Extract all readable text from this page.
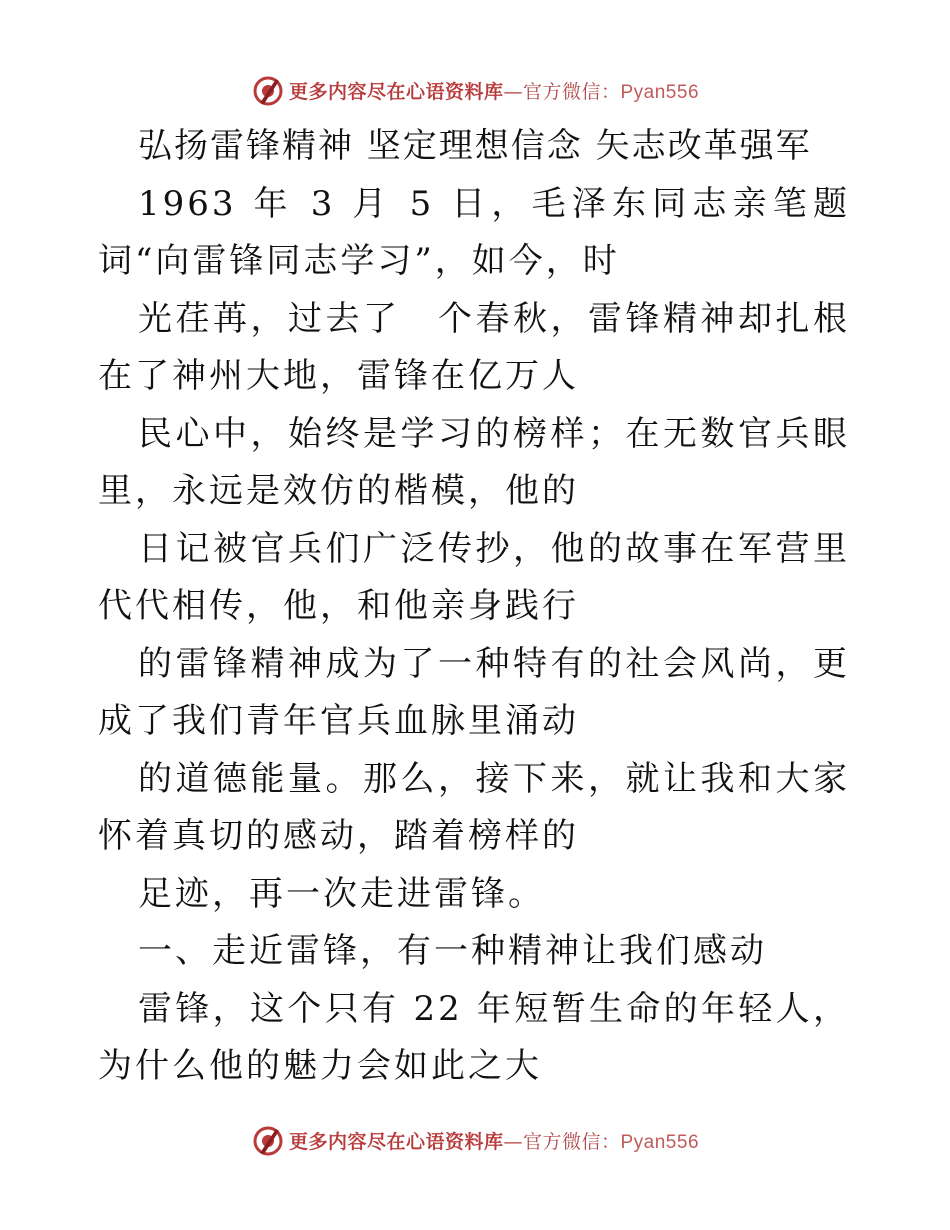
更多内容尽在心语资料库—官方微信：Pyan556

弘扬雷锋精神 坚定理想信念 矢志改革强军

1963 年 3 月 5 日，毛泽东同志亲笔题词“向雷锋同志学习”，如今，时

光荏苒，过去了　个春秋，雷锋精神却扎根在了神州大地，雷锋在亿万人

民心中，始终是学习的榜样；在无数官兵眼里，永远是效仿的楷模，他的

日记被官兵们广泛传抄，他的故事在军营里代代相传，他，和他亲身践行

的雷锋精神成为了一种特有的社会风尚，更成了我们青年官兵血脉里涌动

的道德能量。那么，接下来，就让我和大家怀着真切的感动，踏着榜样的

足迹，再一次走进雷锋。

一、走近雷锋，有一种精神让我们感动

雷锋，这个只有 22 年短暂生命的年轻人，为什么他的魅力会如此之大

更多内容尽在心语资料库—官方微信：Pyan556
